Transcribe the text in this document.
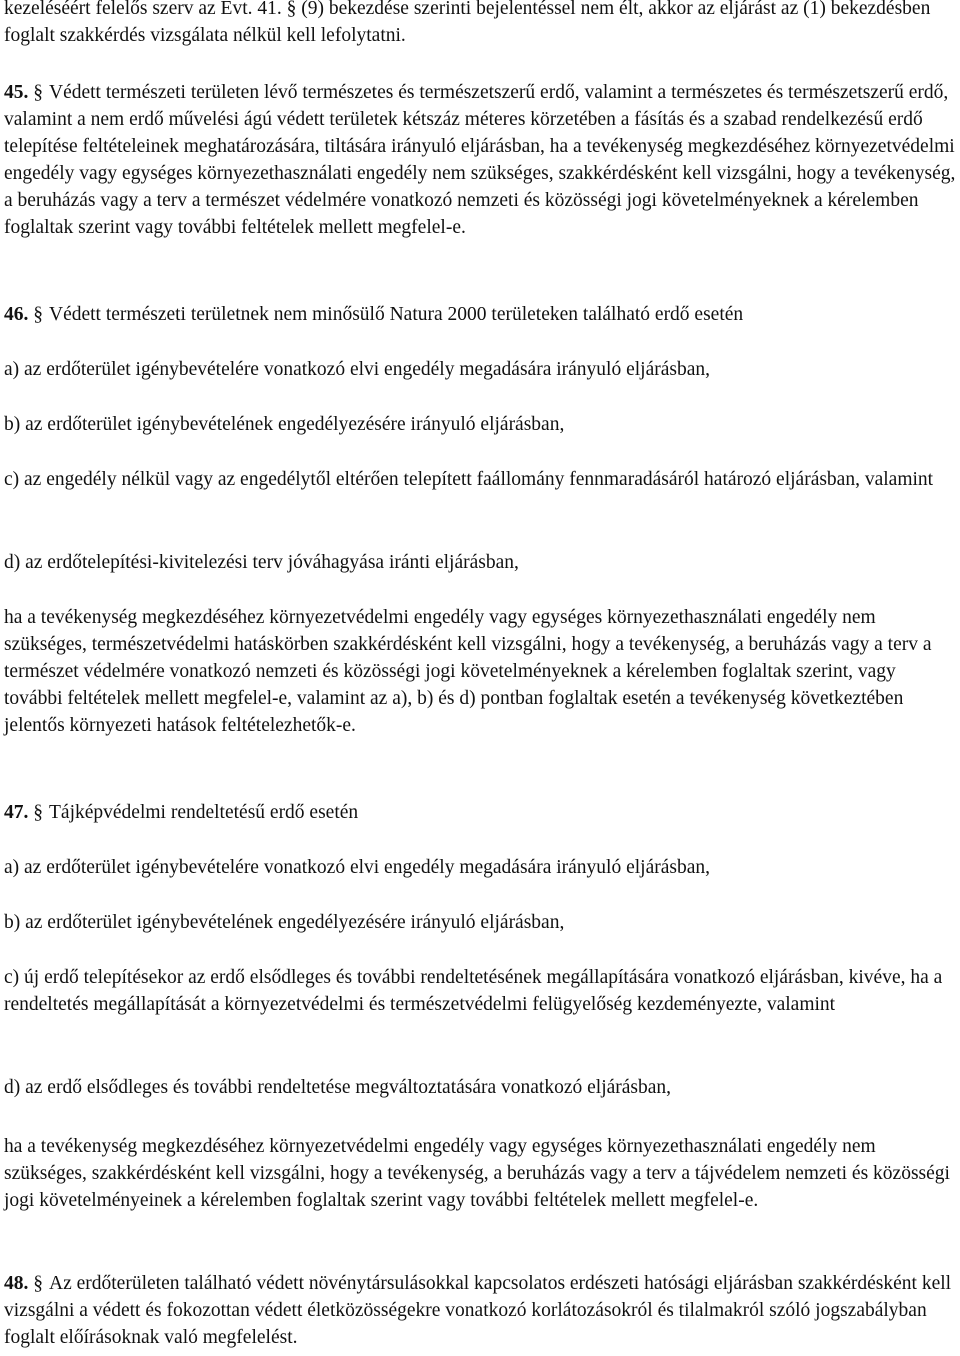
kezeléséért felelős szerv az Evt. 41. § (9) bekezdése szerinti bejelentéssel nem élt, akkor az eljárást az (1) bekezdésben foglalt szakkérdés vizsgálata nélkül kell lefolytatni.

45. § Védett természeti területen lévő természetes és természetszerű erdő, valamint a természetes és természetszerű erdő, valamint a nem erdő művelési ágú védett területek kétszáz méteres körzetében a fásítás és a szabad rendelkezésű erdő telepítése feltételeinek meghatározására, tiltására irányuló eljárásban, ha a tevékenység megkezdéséhez környezetvédelmi engedély vagy egységes környezethasználati engedély nem szükséges, szakkérdésként kell vizsgálni, hogy a tevékenység, a beruházás vagy a terv a természet védelmére vonatkozó nemzeti és közösségi jogi követelményeknek a kérelemben foglaltak szerint vagy további feltételek mellett megfelel-e.

46. § Védett természeti területnek nem minősülő Natura 2000 területeken található erdő esetén

a) az erdőterület igénybevételére vonatkozó elvi engedély megadására irányuló eljárásban,

b) az erdőterület igénybevételének engedélyezésére irányuló eljárásban,

c) az engedély nélkül vagy az engedélytől eltérően telepített faállomány fennmaradásáról határozó eljárásban, valamint

d) az erdőtelepítési-kivitelezési terv jóváhagyása iránti eljárásban,

ha a tevékenység megkezdéséhez környezetvédelmi engedély vagy egységes környezethasználati engedély nem szükséges, természetvédelmi hatáskörben szakkérdésként kell vizsgálni, hogy a tevékenység, a beruházás vagy a terv a természet védelmére vonatkozó nemzeti és közösségi jogi követelményeknek a kérelemben foglaltak szerint, vagy további feltételek mellett megfelel-e, valamint az a), b) és d) pontban foglaltak esetén a tevékenység következtében jelentős környezeti hatások feltételezhetők-e.

47. § Tájképvédelmi rendeltetésű erdő esetén

a) az erdőterület igénybevételére vonatkozó elvi engedély megadására irányuló eljárásban,

b) az erdőterület igénybevételének engedélyezésére irányuló eljárásban,

c) új erdő telepítésekor az erdő elsődleges és további rendeltetésének megállapítására vonatkozó eljárásban, kivéve, ha a rendeltetés megállapítását a környezetvédelmi és természetvédelmi felügyelőség kezdeményezte, valamint

d) az erdő elsődleges és további rendeltetése megváltoztatására vonatkozó eljárásban,

ha a tevékenység megkezdéséhez környezetvédelmi engedély vagy egységes környezethasználati engedély nem szükséges, szakkérdésként kell vizsgálni, hogy a tevékenység, a beruházás vagy a terv a tájvédelem nemzeti és közösségi jogi követelményeinek a kérelemben foglaltak szerint vagy további feltételek mellett megfelel-e.

48. § Az erdőterületen található védett növénytársulásokkal kapcsolatos erdészeti hatósági eljárásban szakkérdésként kell vizsgálni a védett és fokozottan védett életközösségekre vonatkozó korlátozásokról és tilalmakról szóló jogszabályban foglalt előírásoknak való megfelelést.
